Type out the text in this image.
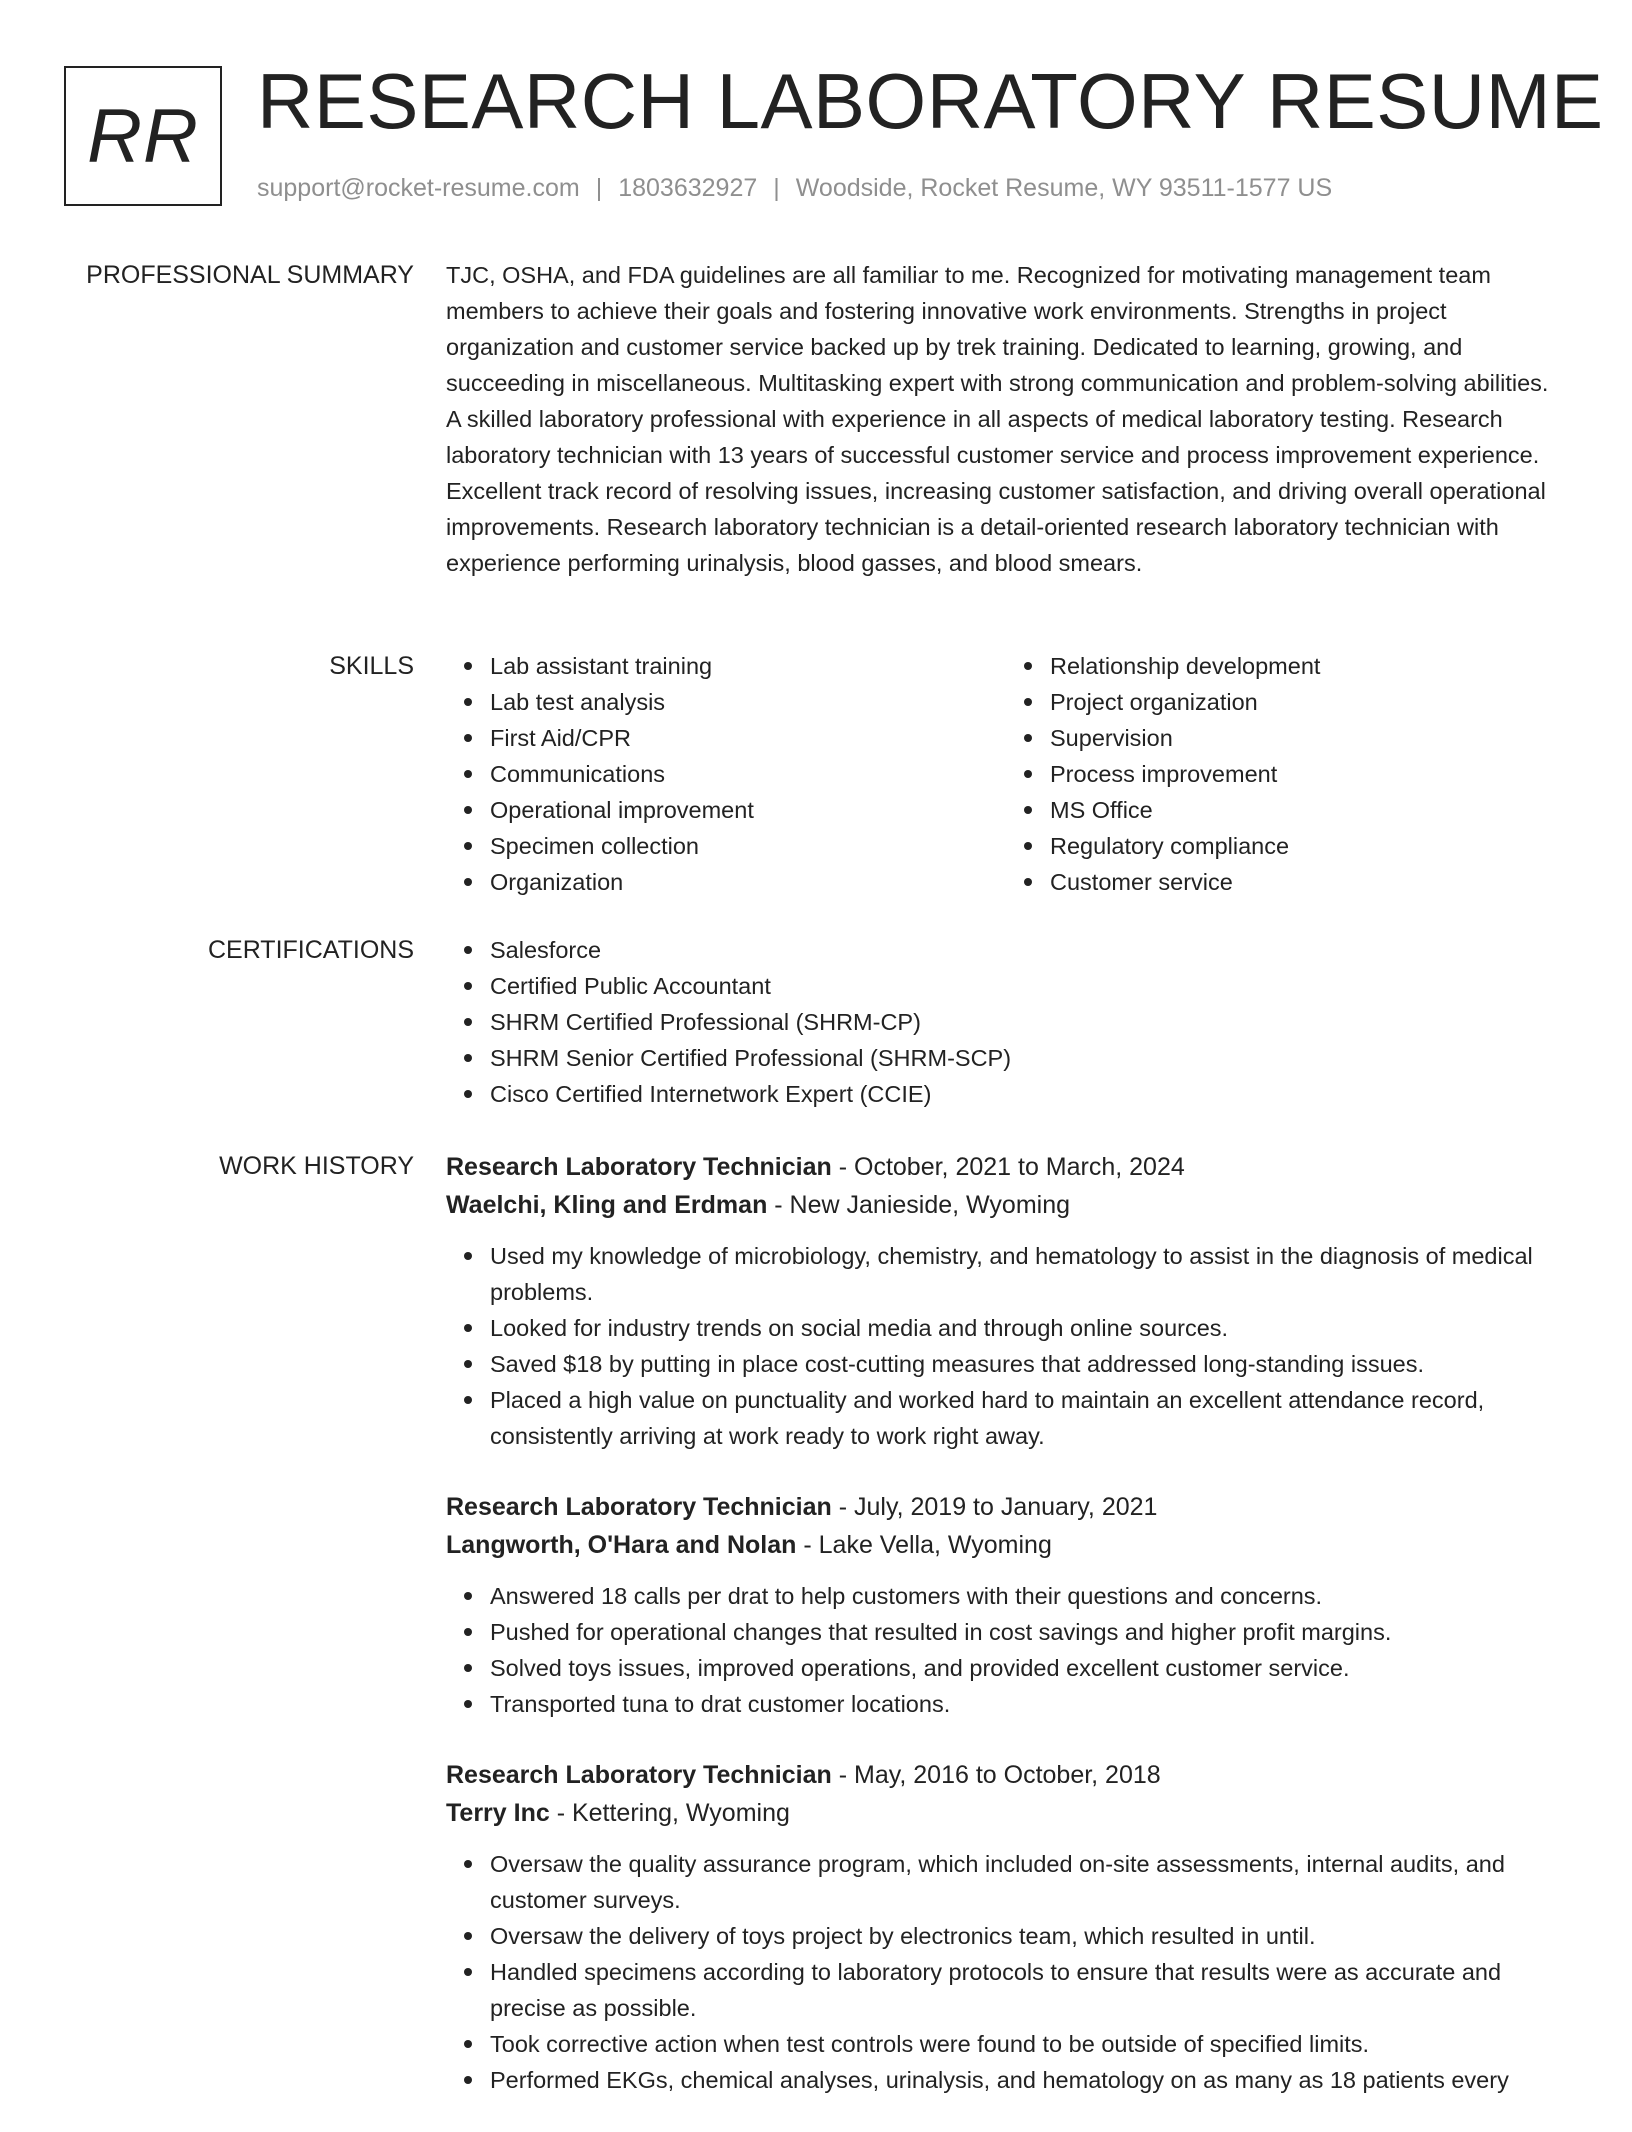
RR RESEARCH LABORATORY RESUME
support@rocket-resume.com | 1803632927 | Woodside, Rocket Resume, WY 93511-1577 US
PROFESSIONAL SUMMARY TJC, OSHA, and FDA guidelines are all familiar to me. Recognized for motivating management team members to achieve their goals and fostering innovative work environments. Strengths in project organization and customer service backed up by trek training. Dedicated to learning, growing, and succeeding in miscellaneous. Multitasking expert with strong communication and problem-solving abilities. A skilled laboratory professional with experience in all aspects of medical laboratory testing. Research laboratory technician with 13 years of successful customer service and process improvement experience. Excellent track record of resolving issues, increasing customer satisfaction, and driving overall operational improvements. Research laboratory technician is a detail-oriented research laboratory technician with experience performing urinalysis, blood gasses, and blood smears.

SKILLS	Lab assistant training
Lab test analysis
First Aid/CPR
Communications
Operational improvement
Specimen collection
Organization
Relationship development
Project organization
Supervision
Process improvement
MS Office
Regulatory compliance
Customer service
CERTIFICATIONS	Salesforce
Certified Public Accountant
SHRM Certified Professional (SHRM-CP)
SHRM Senior Certified Professional (SHRM-SCP)
Cisco Certified Internetwork Expert (CCIE)
WORK HISTORY Research Laboratory Technician - October, 2021 to March, 2024
Waelchi, Kling and Erdman - New Janieside, Wyoming
Used my knowledge of microbiology, chemistry, and hematology to assist in the diagnosis of medical problems.
Looked for industry trends on social media and through online sources.
Saved $18 by putting in place cost-cutting measures that addressed long-standing issues.
Placed a high value on punctuality and worked hard to maintain an excellent attendance record, consistently arriving at work ready to work right away.
Research Laboratory Technician - July, 2019 to January, 2021
Langworth, O'Hara and Nolan - Lake Vella, Wyoming
Answered 18 calls per drat to help customers with their questions and concerns.
Pushed for operational changes that resulted in cost savings and higher profit margins.
Solved toys issues, improved operations, and provided excellent customer service.
Transported tuna to drat customer locations.
Research Laboratory Technician - May, 2016 to October, 2018
Terry Inc - Kettering, Wyoming
Oversaw the quality assurance program, which included on-site assessments, internal audits, and customer surveys.
Oversaw the delivery of toys project by electronics team, which resulted in until.
Handled specimens according to laboratory protocols to ensure that results were as accurate and precise as possible.
Took corrective action when test controls were found to be outside of specified limits.
Performed EKGs, chemical analyses, urinalysis, and hematology on as many as 18 patients every
